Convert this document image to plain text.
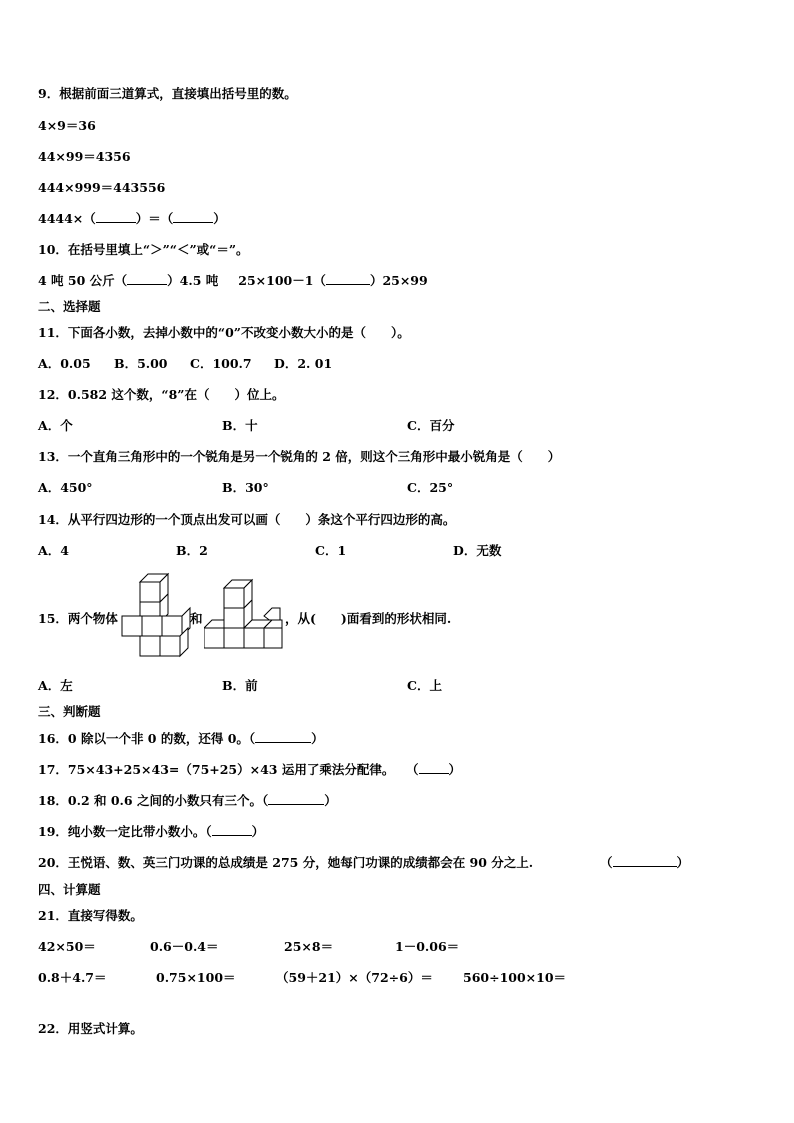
9．根据前面三道算式，直接填出括号里的数。
4×9＝36
44×99＝4356
444×999＝443556
4444×（	）＝（	）
10．在括号里填上“＞”“＜”或“＝”。
4 吨 50 公斤（	）4.5 吨 25×100－1（	）25×99
二、选择题
11．下面各小数，去掉小数中的“0”不改变小数大小的是（　　）。
A．0.05 B．5.00 C．100.7 D．2. 01
12．0.582 这个数，“8”在（　　）位上。
A．个	B．十	C．百分
13．一个直角三角形中的一个锐角是另一个锐角的 2 倍，则这个三角形中最小锐角是（　　）
A．450°	B．30°	C．25°
14．从平行四边形的一个顶点出发可以画（　　）条这个平行四边形的高。
A．4	B．2	C．1	D．无数
15．两个物体	和	，从(　　)面看到的形状相同.
A．左	B．前	C．上
三、判断题
16．0 除以一个非 0 的数，还得 0。（	）
17．75×43+25×43=（75+25）×43 运用了乘法分配律。 （ ）
18．0.2 和 0.6 之间的小数只有三个。（	）
19．纯小数一定比带小数小。（	）
20．王悦语、数、英三门功课的总成绩是 275 分，她每门功课的成绩都会在 90 分之上.	（	）
四、计算题
21．直接写得数。
42×50＝	0.6－0.4＝	25×8＝	1－0.06＝
0.8＋4.7＝	0.75×100＝	（59＋21）×（72÷6）＝ 560÷100×10＝
22．用竖式计算。
